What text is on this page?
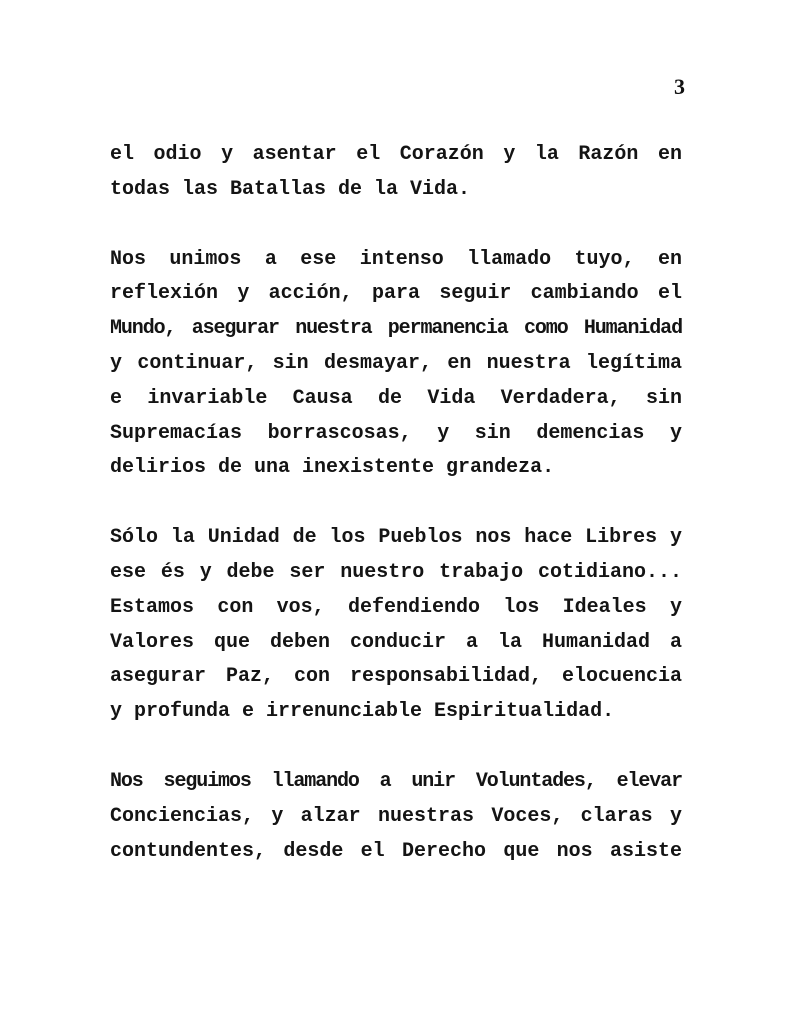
3

el odio y asentar el Corazón y la Razón en
todas las Batallas de la Vida.

Nos unimos a ese intenso llamado tuyo, en
reflexión y acción, para seguir cambiando el
Mundo, asegurar nuestra permanencia como Humanidad
y continuar, sin desmayar, en nuestra legítima
e invariable Causa de Vida Verdadera, sin
Supremacías borrascosas, y sin demencias y
delirios de una inexistente grandeza.

Sólo la Unidad de los Pueblos nos hace Libres y
ese és y debe ser nuestro trabajo cotidiano...
Estamos con vos, defendiendo los Ideales y
Valores que deben conducir a la Humanidad a
asegurar Paz, con responsabilidad, elocuencia
y profunda e irrenunciable Espiritualidad.

Nos seguimos llamando a unir Voluntades, elevar
Conciencias, y alzar nuestras Voces, claras y
contundentes, desde el Derecho que nos asiste
